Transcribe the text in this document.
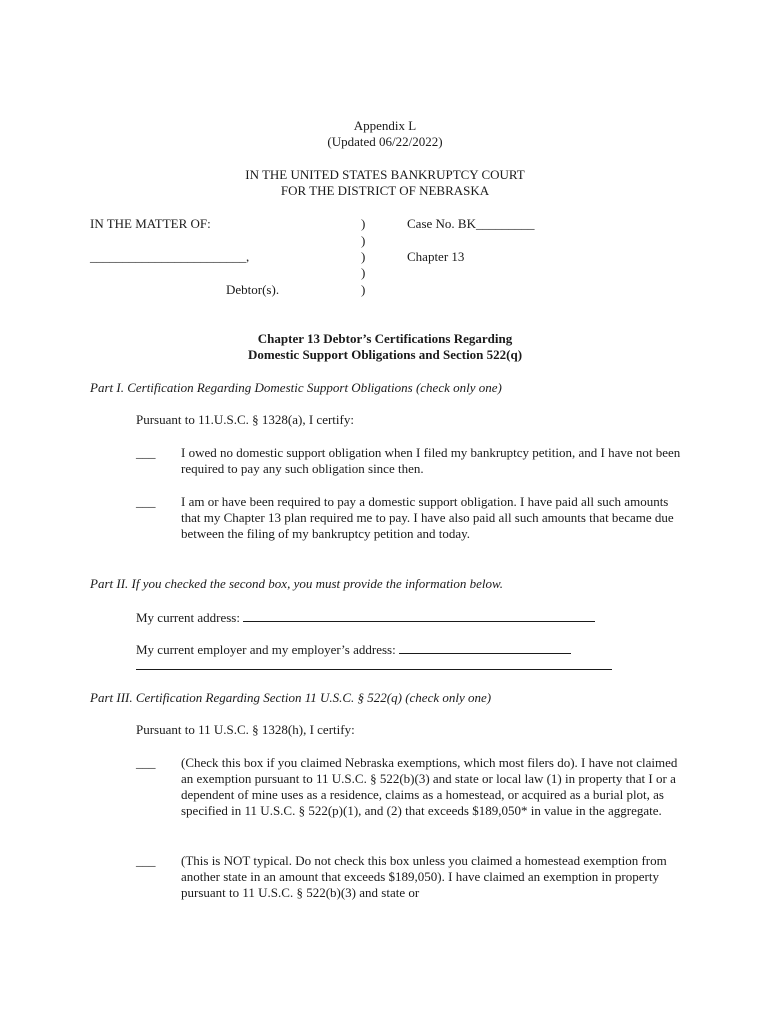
Appendix L
(Updated 06/22/2022)
IN THE UNITED STATES BANKRUPTCY COURT
FOR THE DISTRICT OF NEBRASKA
IN THE MATTER OF:
________________________,
Debtor(s).
)
)
)
)
)
Case No. BK_________
Chapter 13
Chapter 13 Debtor’s Certifications Regarding
Domestic Support Obligations and Section 522(q)
Part I. Certification Regarding Domestic Support Obligations (check only one)
Pursuant to 11.U.S.C. § 1328(a), I certify:
___ I owed no domestic support obligation when I filed my bankruptcy petition, and I have not been required to pay any such obligation since then.
___ I am or have been required to pay a domestic support obligation. I have paid all such amounts that my Chapter 13 plan required me to pay. I have also paid all such amounts that became due between the filing of my bankruptcy petition and today.
Part II. If you checked the second box, you must provide the information below.
My current address:
My current employer and my employer’s address:
Part III. Certification Regarding Section 11 U.S.C. § 522(q) (check only one)
Pursuant to 11 U.S.C. § 1328(h), I certify:
___ (Check this box if you claimed Nebraska exemptions, which most filers do). I have not claimed an exemption pursuant to 11 U.S.C. § 522(b)(3) and state or local law (1) in property that I or a dependent of mine uses as a residence, claims as a homestead, or acquired as a burial plot, as specified in 11 U.S.C. § 522(p)(1), and (2) that exceeds $189,050* in value in the aggregate.
___ (This is NOT typical. Do not check this box unless you claimed a homestead exemption from another state in an amount that exceeds $189,050). I have claimed an exemption in property pursuant to 11 U.S.C. § 522(b)(3) and state or
